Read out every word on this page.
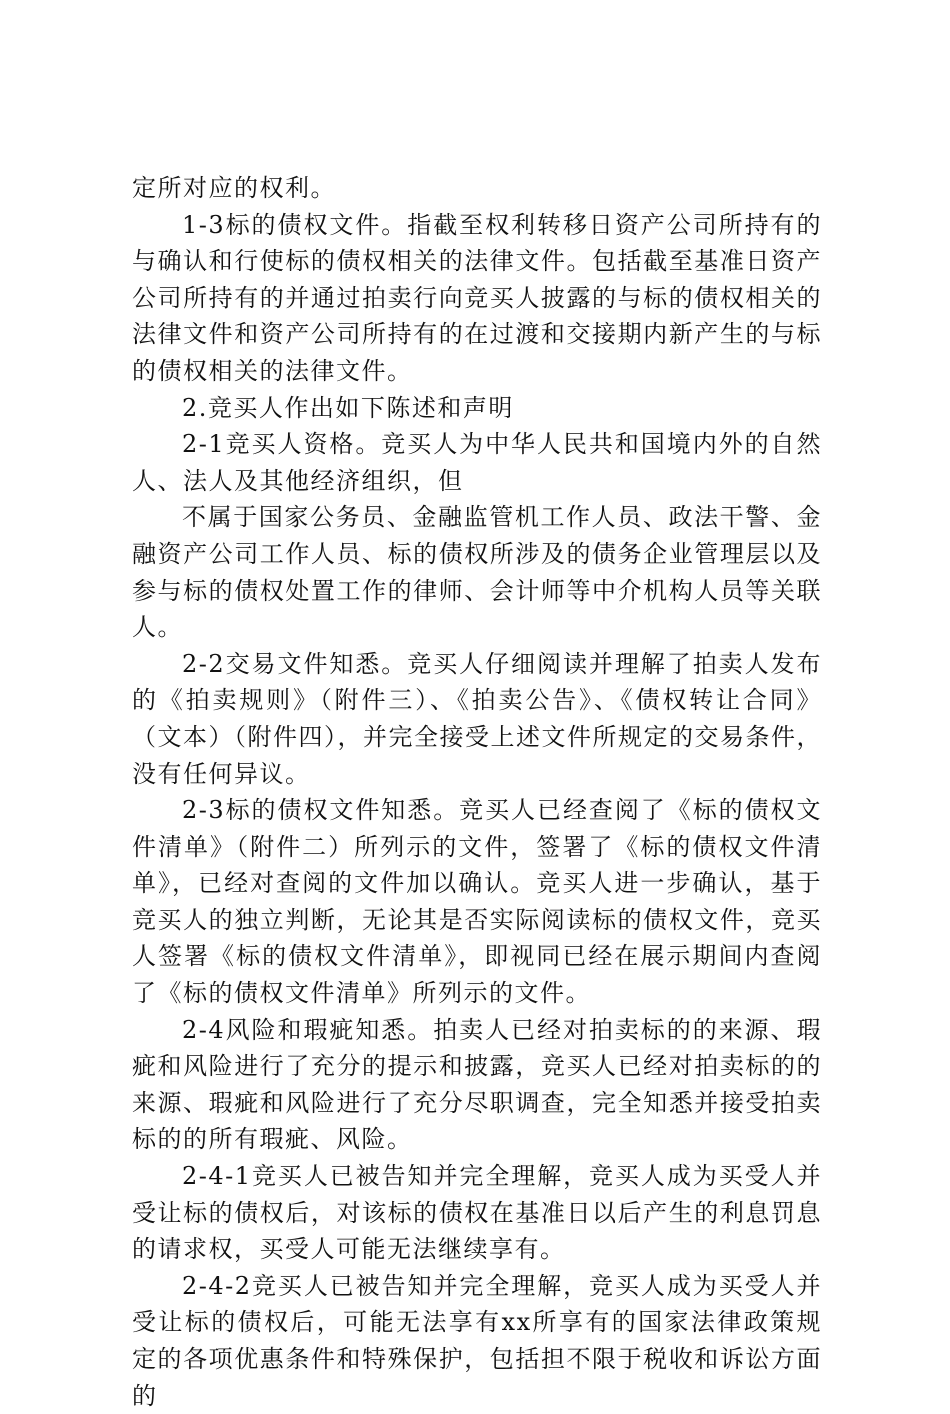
定所对应的权利。

1-3标的债权文件。指截至权利转移日资产公司所持有的与确认和行使标的债权相关的法律文件。包括截至基准日资产公司所持有的并通过拍卖行向竞买人披露的与标的债权相关的法律文件和资产公司所持有的在过渡和交接期内新产生的与标的债权相关的法律文件。

2.竞买人作出如下陈述和声明

2-1竞买人资格。竞买人为中华人民共和国境内外的自然人、法人及其他经济组织，但

不属于国家公务员、金融监管机工作人员、政法干警、金融资产公司工作人员、标的债权所涉及的债务企业管理层以及参与标的债权处置工作的律师、会计师等中介机构人员等关联人。

2-2交易文件知悉。竞买人仔细阅读并理解了拍卖人发布的《拍卖规则》（附件三）、《拍卖公告》、《债权转让合同》（文本）（附件四），并完全接受上述文件所规定的交易条件，没有任何异议。

2-3标的债权文件知悉。竞买人已经查阅了《标的债权文件清单》（附件二）所列示的文件，签署了《标的债权文件清单》，已经对查阅的文件加以确认。竞买人进一步确认，基于竞买人的独立判断，无论其是否实际阅读标的债权文件，竞买人签署《标的债权文件清单》，即视同已经在展示期间内查阅了《标的债权文件清单》所列示的文件。

2-4风险和瑕疵知悉。拍卖人已经对拍卖标的的来源、瑕疵和风险进行了充分的提示和披露，竞买人已经对拍卖标的的来源、瑕疵和风险进行了充分尽职调查，完全知悉并接受拍卖标的的所有瑕疵、风险。

2-4-1竞买人已被告知并完全理解，竞买人成为买受人并受让标的债权后，对该标的债权在基准日以后产生的利息罚息的请求权，买受人可能无法继续享有。

2-4-2竞买人已被告知并完全理解，竞买人成为买受人并受让标的债权后，可能无法享有xx所享有的国家法律政策规定的各项优惠条件和特殊保护，包括担不限于税收和诉讼方面的
